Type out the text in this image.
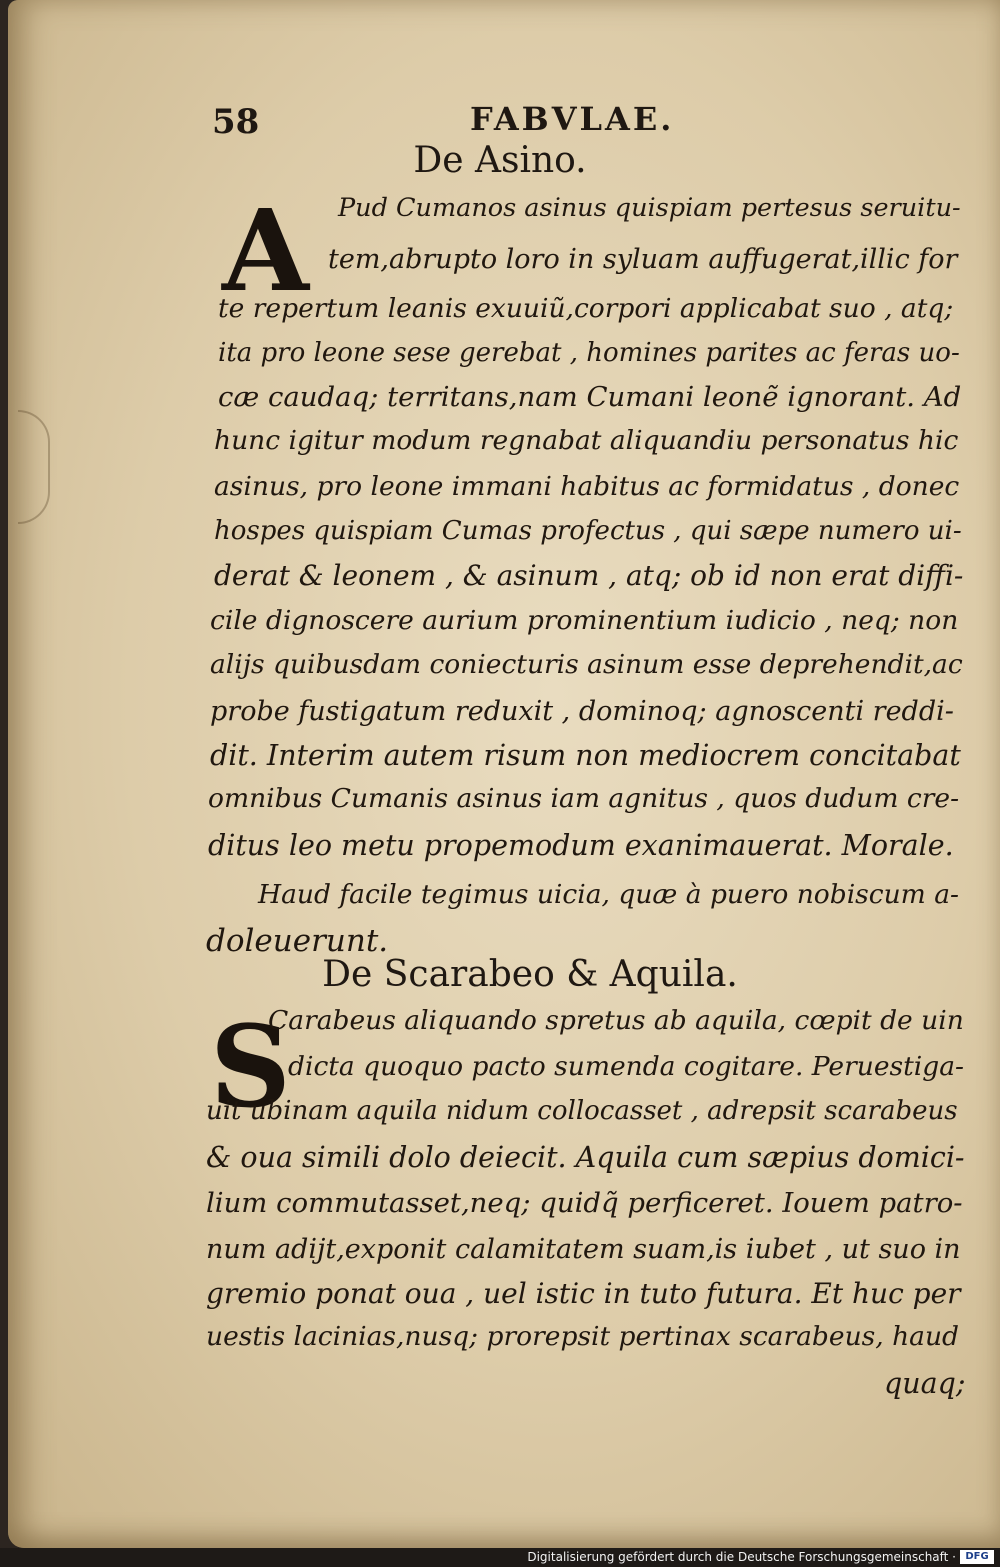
58	FABVLAE.
De Asino.
A Pud Cumanos asinus quispiam pertesus seruitu-
tem,abrupto loro in syluam auffugerat,illic for
te repertum leanis exuuiũ,corpori applicabat suo , atq;
ita pro leone sese gerebat , homines parites ac feras uo-
cæ caudaq; territans,nam Cumani leonẽ ignorant. Ad
hunc igitur modum regnabat aliquandiu personatus hic
asinus, pro leone immani habitus ac formidatus , donec
hospes quispiam Cumas profectus , qui sæpe numero ui-
derat & leonem , & asinum , atq; ob id non erat diffi-
cile dignoscere aurium prominentium iudicio , neq; non
alijs quibusdam coniecturis asinum esse deprehendit,ac
probe fustigatum reduxit , dominoq; agnoscenti reddi-
dit. Interim autem risum non mediocrem concitabat
omnibus Cumanis asinus iam agnitus , quos dudum cre-
ditus leo metu propemodum exanimauerat. Morale.
Haud facile tegimus uicia, quæ à puero nobiscum a-
doleuerunt.
De Scarabeo & Aquila.
S
Carabeus aliquando spretus ab aquila, cœpit de uin
dicta quoquo pacto sumenda cogitare. Peruestiga-
uit ubinam aquila nidum collocasset , adrepsit scarabeus
& oua simili dolo deiecit. Aquila cum sæpius domici-
lium commutasset,neq; quidq̃ perficeret. Iouem patro-
num adijt,exponit calamitatem suam,is iubet , ut suo in
gremio ponat oua , uel istic in tuto futura. Et huc per
uestis lacinias,nusq; prorepsit pertinax scarabeus, haud
quaq;
Digitalisierung gefördert durch die Deutsche Forschungsgemeinschaft · DFG
